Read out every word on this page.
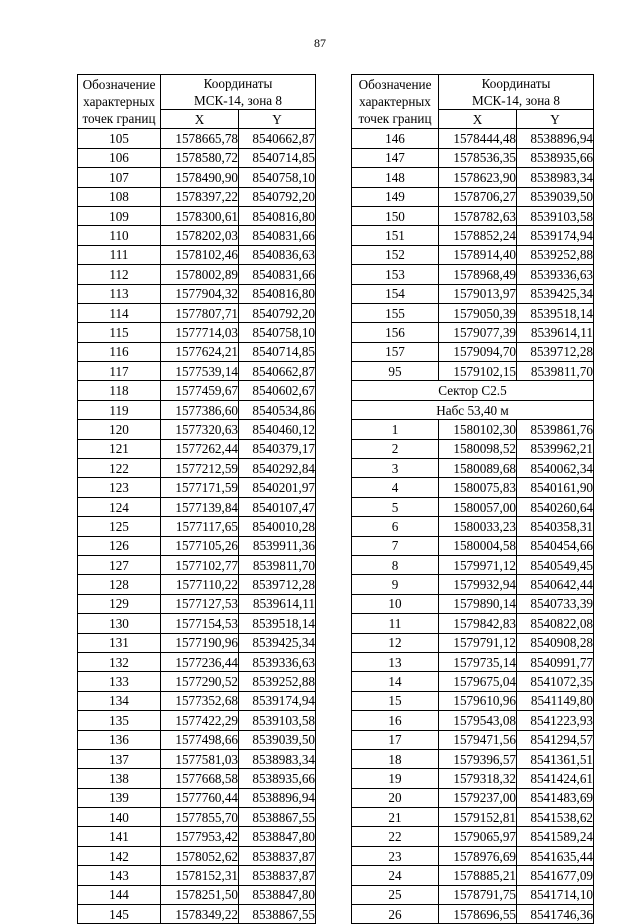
87
Обозначение
характерных
точек границ	Координаты
МСК-14, зона 8	

	X	Y
105	1578665,78	8540662,87
106	1578580,72	8540714,85
107	1578490,90	8540758,10
108	1578397,22	8540792,20
109	1578300,61	8540816,80
110	1578202,03	8540831,66
111	1578102,46	8540836,63
112	1578002,89	8540831,66
113	1577904,32	8540816,80
114	1577807,71	8540792,20
115	1577714,03	8540758,10
116	1577624,21	8540714,85
117	1577539,14	8540662,87
118	1577459,67	8540602,67
119	1577386,60	8540534,86
120	1577320,63	8540460,12
121	1577262,44	8540379,17
122	1577212,59	8540292,84
123	1577171,59	8540201,97
124	1577139,84	8540107,47
125	1577117,65	8540010,28
126	1577105,26	8539911,36
127	1577102,77	8539811,70
128	1577110,22	8539712,28
129	1577127,53	8539614,11
130	1577154,53	8539518,14
131	1577190,96	8539425,34
132	1577236,44	8539336,63
133	1577290,52	8539252,88
134	1577352,68	8539174,94
135	1577422,29	8539103,58
136	1577498,66	8539039,50
137	1577581,03	8538983,34
138	1577668,58	8538935,66
139	1577760,44	8538896,94
140	1577855,70	8538867,55
141	1577953,42	8538847,80
142	1578052,62	8538837,87
143	1578152,31	8538837,87
144	1578251,50	8538847,80
145	1578349,22	8538867,55
Обозначение
характерных
точек границ	Координаты
МСК-14, зона 8	

	X	Y
146	1578444,48	8538896,94
147	1578536,35	8538935,66
148	1578623,90	8538983,34
149	1578706,27	8539039,50
150	1578782,63	8539103,58
151	1578852,24	8539174,94
152	1578914,40	8539252,88
153	1578968,49	8539336,63
154	1579013,97	8539425,34
155	1579050,39	8539518,14
156	1579077,39	8539614,11
157	1579094,70	8539712,28
95	1579102,15	8539811,70
Сектор С2.5		
Набс 53,40 м		
1	1580102,30	8539861,76
2	1580098,52	8539962,21
3	1580089,68	8540062,34
4	1580075,83	8540161,90
5	1580057,00	8540260,64
6	1580033,23	8540358,31
7	1580004,58	8540454,66
8	1579971,12	8540549,45
9	1579932,94	8540642,44
10	1579890,14	8540733,39
11	1579842,83	8540822,08
12	1579791,12	8540908,28
13	1579735,14	8540991,77
14	1579675,04	8541072,35
15	1579610,96	8541149,80
16	1579543,08	8541223,93
17	1579471,56	8541294,57
18	1579396,57	8541361,51
19	1579318,32	8541424,61
20	1579237,00	8541483,69
21	1579152,81	8541538,62
22	1579065,97	8541589,24
23	1578976,69	8541635,44
24	1578885,21	8541677,09
25	1578791,75	8541714,10
26	1578696,55	8541746,36
